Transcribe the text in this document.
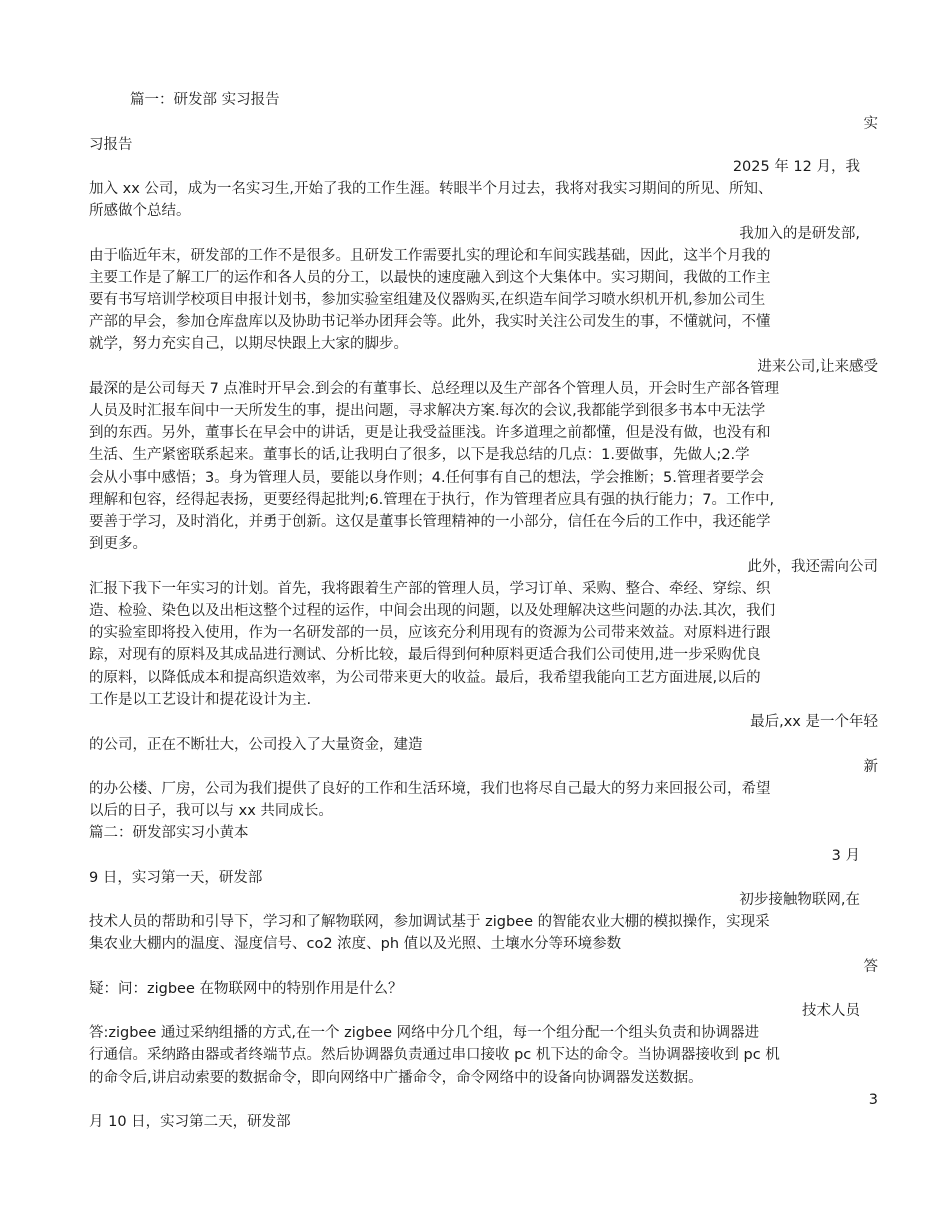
篇一：研发部 实习报告
实
习报告
2025 年 12 月，我
加入 xx 公司，成为一名实习生,开始了我的工作生涯。转眼半个月过去，我将对我实习期间的所见、所知、
所感做个总结。
我加入的是研发部,
由于临近年末，研发部的工作不是很多。且研发工作需要扎实的理论和车间实践基础，因此，这半个月我的
主要工作是了解工厂的运作和各人员的分工，以最快的速度融入到这个大集体中。实习期间，我做的工作主
要有书写培训学校项目申报计划书，参加实验室组建及仪器购买,在织造车间学习喷水织机开机,参加公司生
产部的早会，参加仓库盘库以及协助书记举办团拜会等。此外，我实时关注公司发生的事，不懂就问，不懂
就学，努力充实自己，以期尽快跟上大家的脚步。
进来公司,让来感受
最深的是公司每天 7 点准时开早会.到会的有董事长、总经理以及生产部各个管理人员，开会时生产部各管理
人员及时汇报车间中一天所发生的事，提出问题，寻求解决方案.每次的会议,我都能学到很多书本中无法学
到的东西。另外，董事长在早会中的讲话，更是让我受益匪浅。许多道理之前都懂，但是没有做，也没有和
生活、生产紧密联系起来。董事长的话,让我明白了很多，以下是我总结的几点：1.要做事，先做人;2.学
会从小事中感悟；3。身为管理人员，要能以身作则；4.任何事有自己的想法，学会推断；5.管理者要学会
理解和包容，经得起表扬，更要经得起批判;6.管理在于执行，作为管理者应具有强的执行能力；7。工作中,
要善于学习，及时消化，并勇于创新。这仅是董事长管理精神的一小部分，信任在今后的工作中，我还能学
到更多。
此外，我还需向公司
汇报下我下一年实习的计划。首先，我将跟着生产部的管理人员，学习订单、采购、整合、牵经、穿综、织
造、检验、染色以及出柜这整个过程的运作，中间会出现的问题，以及处理解决这些问题的办法.其次，我们
的实验室即将投入使用，作为一名研发部的一员，应该充分利用现有的资源为公司带来效益。对原料进行跟
踪，对现有的原料及其成品进行测试、分析比较，最后得到何种原料更适合我们公司使用,进一步采购优良
的原料，以降低成本和提高织造效率，为公司带来更大的收益。最后，我希望我能向工艺方面进展,以后的
工作是以工艺设计和提花设计为主.
最后,xx 是一个年轻
的公司，正在不断壮大，公司投入了大量资金，建造
新
的办公楼、厂房，公司为我们提供了良好的工作和生活环境，我们也将尽自己最大的努力来回报公司，希望
以后的日子，我可以与 xx 共同成长。
篇二：研发部实习小黄本
3 月
9 日，实习第一天，研发部
初步接触物联网,在
技术人员的帮助和引导下，学习和了解物联网，参加调试基于 zigbee 的智能农业大棚的模拟操作，实现采
集农业大棚内的温度、湿度信号、co2 浓度、ph 值以及光照、土壤水分等环境参数
答
疑：问：zigbee 在物联网中的特别作用是什么？
技术人员
答:zigbee 通过采纳组播的方式,在一个 zigbee 网络中分几个组，每一个组分配一个组头负责和协调器进
行通信。采纳路由器或者终端节点。然后协调器负责通过串口接收 pc 机下达的命令。当协调器接收到 pc 机
的命令后,讲启动索要的数据命令，即向网络中广播命令，命令网络中的设备向协调器发送数据。
3
月 10 日，实习第二天，研发部
